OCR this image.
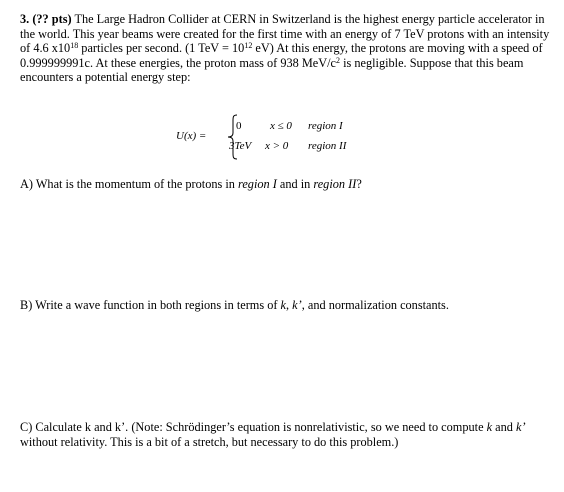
3. (?? pts) The Large Hadron Collider at CERN in Switzerland is the highest energy particle accelerator in the world. This year beams were created for the first time with an energy of 7 TeV protons with an intensity of 4.6 $x10^{18}$ particles per second. (1 TeV = $10^{12}$ eV) At this energy, the protons are moving with a speed of 0.999999991c. At these energies, the proton mass of 938 MeV/$c^2$ is negligible. Suppose that this beam encounters a potential energy step:
U(x) =
0	x ≤ 0 region I
3TeV x > 0 region II
A) What is the momentum of the protons in region I and in region II?
B) Write a wave function in both regions in terms of k, k’, and normalization constants.
C) Calculate k and k’. (Note: Schrödinger’s equation is nonrelativistic, so we need to compute k and k’ without relativity. This is a bit of a stretch, but necessary to do this problem.)
